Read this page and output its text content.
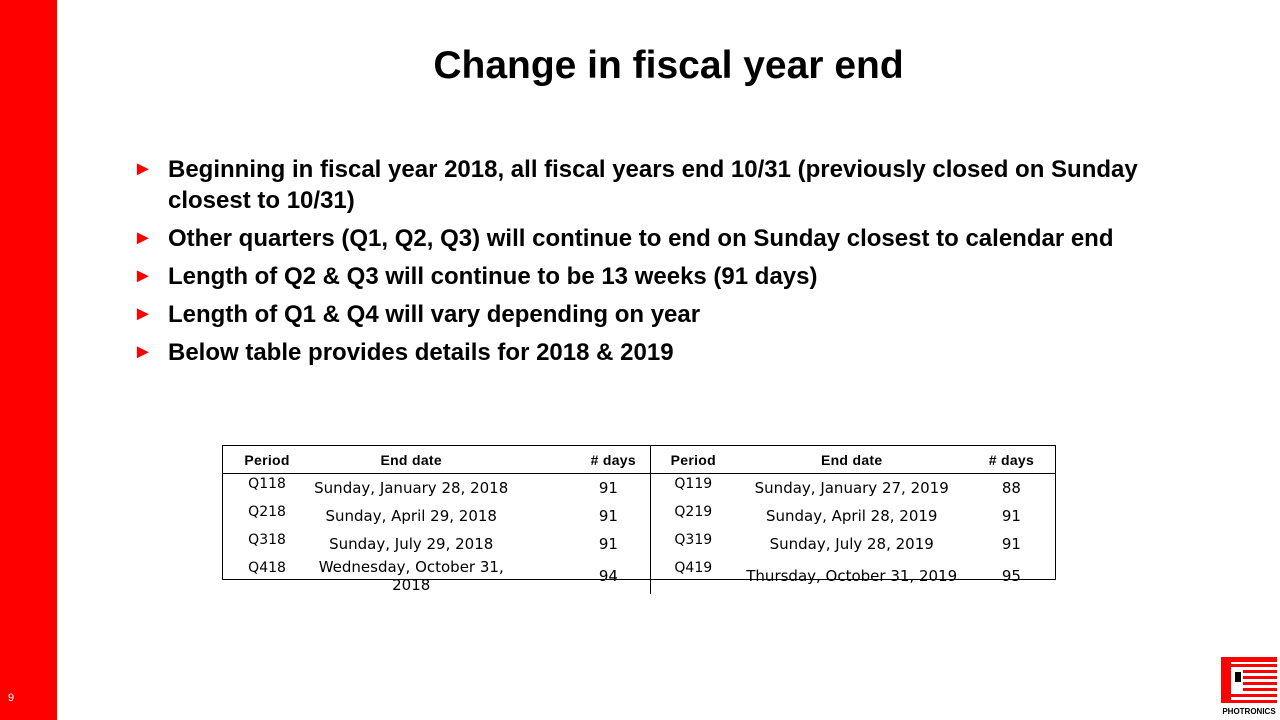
9
Change in fiscal year end
► Beginning in fiscal year 2018, all fiscal years end 10/31 (previously closed on Sunday closest to 10/31)
► Other quarters (Q1, Q2, Q3) will continue to end on Sunday closest to calendar end
► Length of Q2 & Q3 will continue to be 13 weeks (91 days)
► Length of Q1 & Q4 will vary depending on year
► Below table provides details for 2018 & 2019
Period	End date	# days	Period	End date	# days
Q118	Sunday, January 28, 2018	91	Q119	Sunday, January 27, 2019	88
Q218	Sunday, April 29, 2018	91	Q219	Sunday, April 28, 2019	91
Q318	Sunday, July 29, 2018	91	Q319	Sunday, July 28, 2019	91
Q418	Wednesday, October 31, 2018	94	Q419	Thursday, October 31, 2019	95
PHOTRONICS
